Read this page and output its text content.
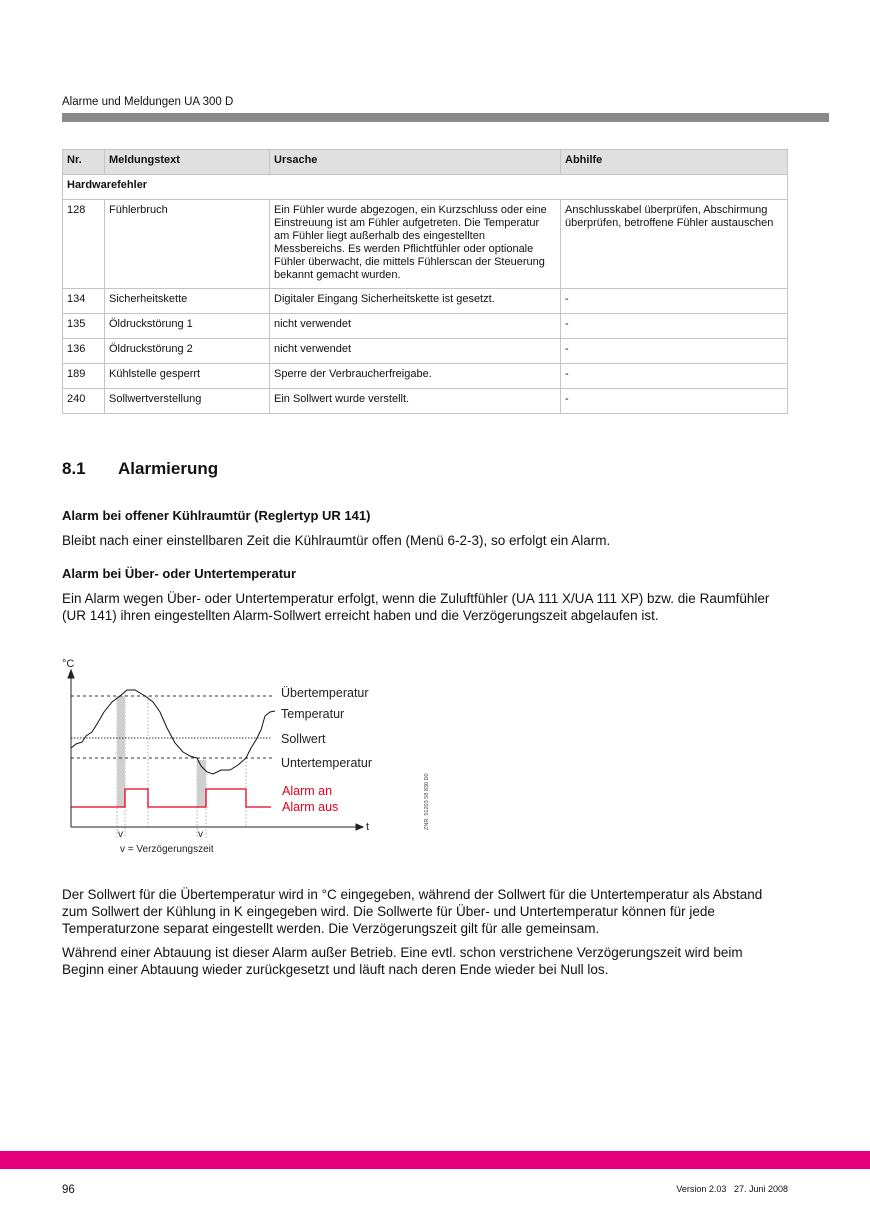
Alarme und Meldungen UA 300 D
Nr.	Meldungstext	Ursache	Abhilfe
Hardwarefehler			
128	Fühlerbruch	Ein Fühler wurde abgezogen, ein Kurzschluss oder eine Einstreuung ist am Fühler aufgetreten. Die Temperatur am Fühler liegt außerhalb des eingestellten Messbereichs. Es werden Pflichtfühler oder optionale Fühler überwacht, die mittels Fühlerscan der Steuerung bekannt gemacht wurden.	Anschlusskabel überprüfen, Abschirmung überprüfen, betroffene Fühler austauschen
134	Sicherheitskette	Digitaler Eingang Sicherheitskette ist gesetzt.	-
135	Öldruckstörung 1	nicht verwendet	-
136	Öldruckstörung 2	nicht verwendet	-
189	Kühlstelle gesperrt	Sperre der Verbraucherfreigabe.	-
240	Sollwertverstellung	Ein Sollwert wurde verstellt.	-
8.1 Alarmierung
Alarm bei offener Kühlraumtür (Reglertyp UR 141)
Bleibt nach einer einstellbaren Zeit die Kühlraumtür offen (Menü 6-2-3), so erfolgt ein Alarm.
Alarm bei Über- oder Untertemperatur
Ein Alarm wegen Über- oder Untertemperatur erfolgt, wenn die Zuluftfühler (UA 111 X/UA 111 XP) bzw. die Raumfühler (UR 141) ihren eingestellten Alarm-Sollwert erreicht haben und die Verzögerungszeit abgelaufen ist.
°C
t
Übertemperatur
Temperatur
Sollwert
Untertemperatur
Alarm an
Alarm aus
v	v
v = Verzögerungszeit
ZNR. 51203 58 830 D0
Der Sollwert für die Übertemperatur wird in °C eingegeben, während der Sollwert für die Untertemperatur als Abstand zum Sollwert der Kühlung in K eingegeben wird. Die Sollwerte für Über- und Untertemperatur können für jede Temperaturzone separat eingestellt werden. Die Verzögerungszeit gilt für alle gemeinsam.
Während einer Abtauung ist dieser Alarm außer Betrieb. Eine evtl. schon verstrichene Verzögerungszeit wird beim Beginn einer Abtauung wieder zurückgesetzt und läuft nach deren Ende wieder bei Null los.
96	Version 2.03   27. Juni 2008
